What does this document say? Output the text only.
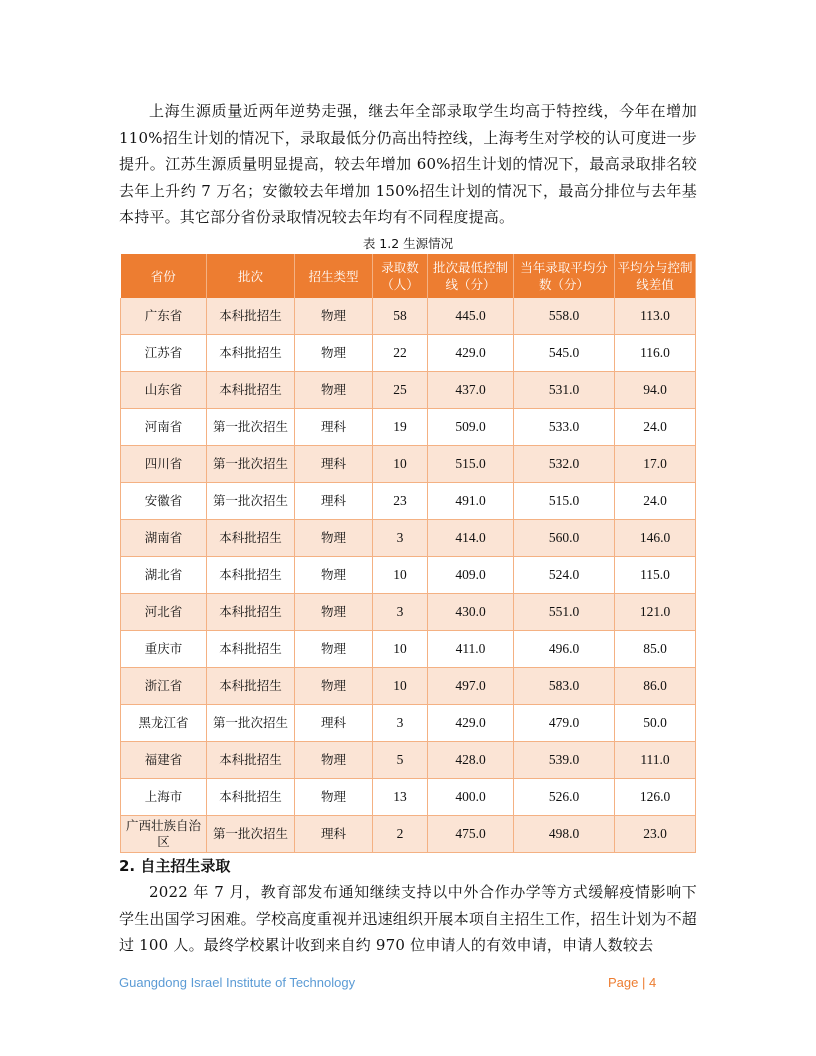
上海生源质量近两年逆势走强，继去年全部录取学生均高于特控线，今年在增加 110%招生计划的情况下，录取最低分仍高出特控线，上海考生对学校的认可度进一步提升。江苏生源质量明显提高，较去年增加 60%招生计划的情况下，最高录取排名较去年上升约 7 万名；安徽较去年增加 150%招生计划的情况下，最高分排位与去年基本持平。其它部分省份录取情况较去年均有不同程度提高。

表 1.2 生源情况
省份	批次	招生类型	录取数（人）	批次最低控制线（分）	当年录取平均分数（分）	平均分与控制线差值
广东省	本科批招生	物理	58	445.0	558.0	113.0
江苏省	本科批招生	物理	22	429.0	545.0	116.0
山东省	本科批招生	物理	25	437.0	531.0	94.0
河南省	第一批次招生	理科	19	509.0	533.0	24.0
四川省	第一批次招生	理科	10	515.0	532.0	17.0
安徽省	第一批次招生	理科	23	491.0	515.0	24.0
湖南省	本科批招生	物理	3	414.0	560.0	146.0
湖北省	本科批招生	物理	10	409.0	524.0	115.0
河北省	本科批招生	物理	3	430.0	551.0	121.0
重庆市	本科批招生	物理	10	411.0	496.0	85.0
浙江省	本科批招生	物理	10	497.0	583.0	86.0
黑龙江省	第一批次招生	理科	3	429.0	479.0	50.0
福建省	本科批招生	物理	5	428.0	539.0	111.0
上海市	本科批招生	物理	13	400.0	526.0	126.0
广西壮族自治区	第一批次招生	理科	2	475.0	498.0	23.0
2. 自主招生录取

2022 年 7 月，教育部发布通知继续支持以中外合作办学等方式缓解疫情影响下学生出国学习困难。学校高度重视并迅速组织开展本项自主招生工作，招生计划为不超过 100 人。最终学校累计收到来自约 970 位申请人的有效申请，申请人数较去

Guangdong Israel Institute of Technology	Page | 4
